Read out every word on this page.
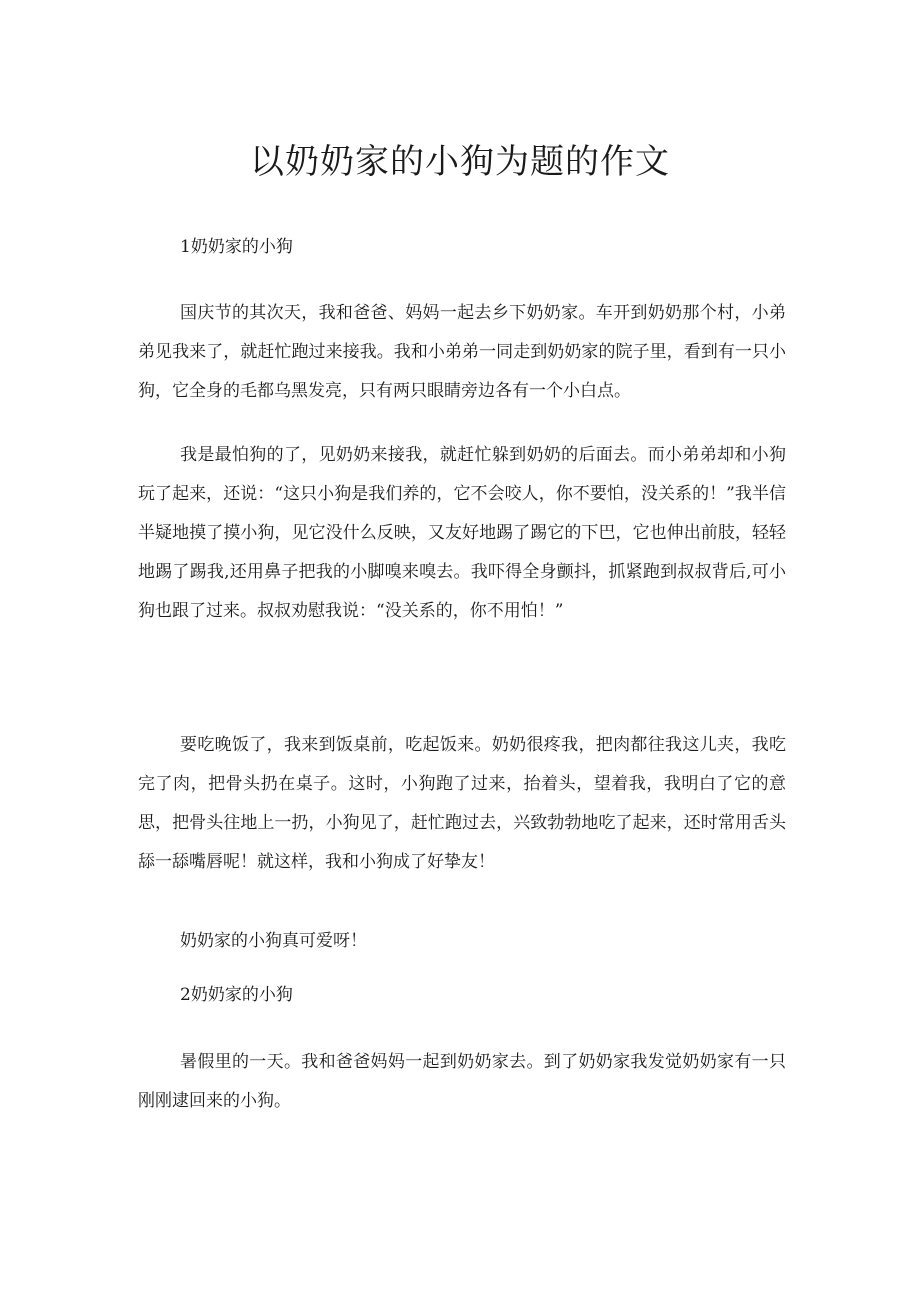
以奶奶家的小狗为题的作文

1奶奶家的小狗

国庆节的其次天，我和爸爸、妈妈一起去乡下奶奶家。车开到奶奶那个村，小弟弟见我来了，就赶忙跑过来接我。我和小弟弟一同走到奶奶家的院子里，看到有一只小狗，它全身的毛都乌黑发亮，只有两只眼睛旁边各有一个小白点。

我是最怕狗的了，见奶奶来接我，就赶忙躲到奶奶的后面去。而小弟弟却和小狗玩了起来，还说：“这只小狗是我们养的，它不会咬人，你不要怕，没关系的！”我半信半疑地摸了摸小狗，见它没什么反映，又友好地踢了踢它的下巴，它也伸出前肢，轻轻地踢了踢我,还用鼻子把我的小脚嗅来嗅去。我吓得全身颤抖，抓紧跑到叔叔背后,可小狗也跟了过来。叔叔劝慰我说：“没关系的，你不用怕！”

要吃晚饭了，我来到饭桌前，吃起饭来。奶奶很疼我，把肉都往我这儿夹，我吃完了肉，把骨头扔在桌子。这时，小狗跑了过来，抬着头，望着我，我明白了它的意思，把骨头往地上一扔，小狗见了，赶忙跑过去，兴致勃勃地吃了起来，还时常用舌头舔一舔嘴唇呢！就这样，我和小狗成了好挚友！

奶奶家的小狗真可爱呀！

2奶奶家的小狗

暑假里的一天。我和爸爸妈妈一起到奶奶家去。到了奶奶家我发觉奶奶家有一只刚刚逮回来的小狗。
